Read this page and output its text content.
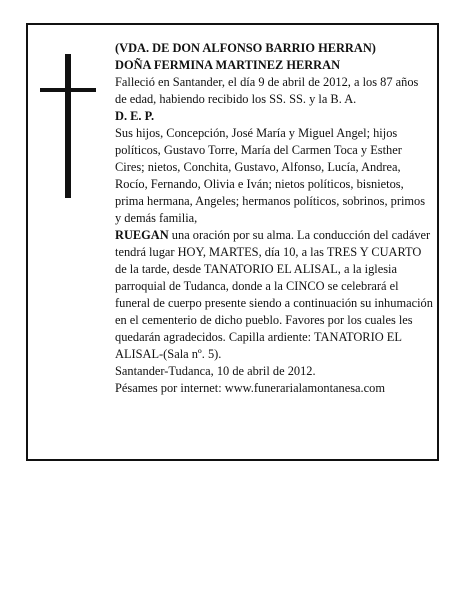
(VDA. DE DON ALFONSO BARRIO HERRAN)

DOÑA FERMINA MARTINEZ HERRAN

Falleció en Santander, el día 9 de abril de 2012, a los 87 años de edad, habiendo recibido los SS. SS. y la B. A.

D. E. P.

Sus hijos, Concepción, José María y Miguel Angel; hijos políticos, Gustavo Torre, María del Carmen Toca y Esther Cires; nietos, Conchita, Gustavo, Alfonso, Lucía, Andrea, Rocío, Fernando, Olivia e Iván; nietos políticos, bisnietos, prima hermana, Angeles; hermanos políticos, sobrinos, primos y demás familia,

RUEGAN una oración por su alma. La conducción del cadáver tendrá lugar HOY, MARTES, día 10, a las TRES Y CUARTO de la tarde, desde TANATORIO EL ALISAL, a la iglesia parroquial de Tudanca, donde a la CINCO se celebrará el funeral de cuerpo presente siendo a continuación su inhumación en el cementerio de dicho pueblo. Favores por los cuales les quedarán agradecidos. Capilla ardiente: TANATORIO EL ALISAL-(Sala nº. 5).

Santander-Tudanca, 10 de abril de 2012.

Pésames por internet: www.funerarialamontanesa.com
